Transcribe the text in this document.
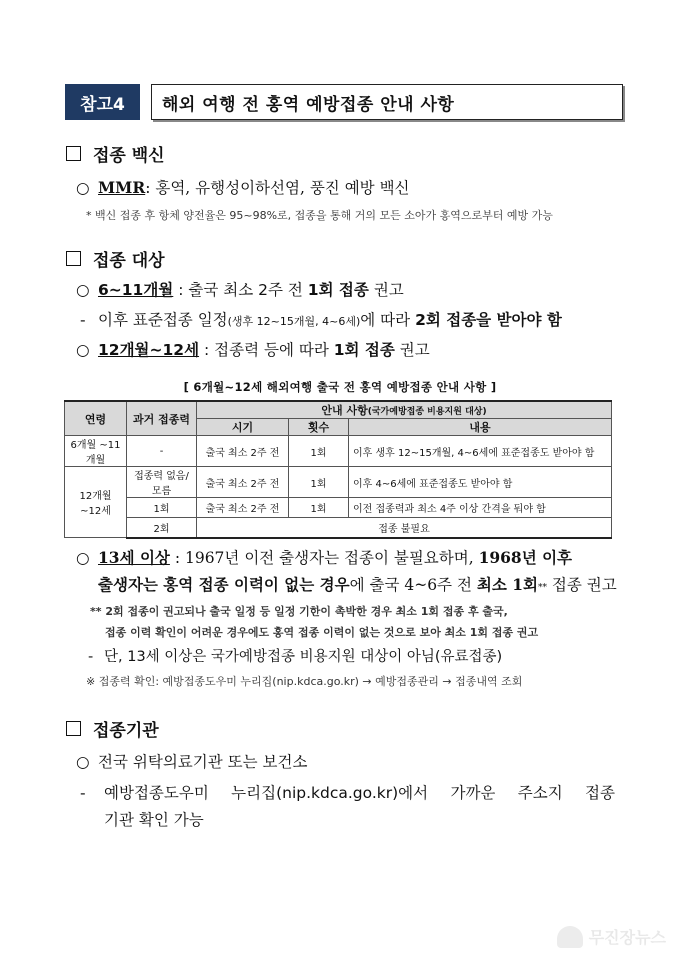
참고4	해외 여행 전 홍역 예방접종 안내 사항
접종 백신
○ MMR : 홍역, 유행성이하선염, 풍진 예방 백신
* 백신 접종 후 항체 양전율은 95~98%로, 접종을 통해 거의 모든 소아가 홍역으로부터 예방 가능
접종 대상
○ 6~11개월 : 출국 최소 2주 전 1회 접종 권고
- 이후 표준접종 일정 (생후 12~15개월, 4~6세) 에 따라 2회 접종을 받아야 함
○ 12개월~12세 : 접종력 등에 따라 1회 접종 권고
[ 6개월~12세 해외여행 출국 전 홍역 예방접종 안내 사항 ]
연령	과거 접종력	안내 사항(국가예방접종 비용지원 대상)		
		시기	횟수	내용
6개월 ~11개월	-	출국 최소 2주 전	1회	이후 생후 12~15개월, 4~6세에 표준접종도 받아야 함
12개월 ~12세	접종력 없음/모름	출국 최소 2주 전	1회	이후 4~6세에 표준접종도 받아야 함
	1회	출국 최소 2주 전	1회	이전 접종력과 최소 4주 이상 간격을 둬야 함
	2회	접종 불필요		
○ 13세 이상 : 1967년 이전 출생자는 접종이 불필요하며, 1968년 이후
출생자는 홍역 접종 이력이 없는 경우 에 출국 4~6주 전 최소 1회$_{**}$ 접종 권고
** 2회 접종이 권고되나 출국 일정 등 일정 기한이 촉박한 경우 최소 1회 접종 후 출국,
접종 이력 확인이 어려운 경우에도 홍역 접종 이력이 없는 것으로 보아 최소 1회 접종 권고
- 단, 13세 이상은 국가예방접종 비용지원 대상이 아님(유료접종)
※ 접종력 확인: 예방접종도우미 누리집(nip.kdca.go.kr) → 예방접종관리 → 접종내역 조회
접종기관
○ 전국 위탁의료기관 또는 보건소
-	예방접종도우미 누리집(nip.kdca.go.kr)에서 가까운 주소지 접종
기관 확인 가능
무진장뉴스
